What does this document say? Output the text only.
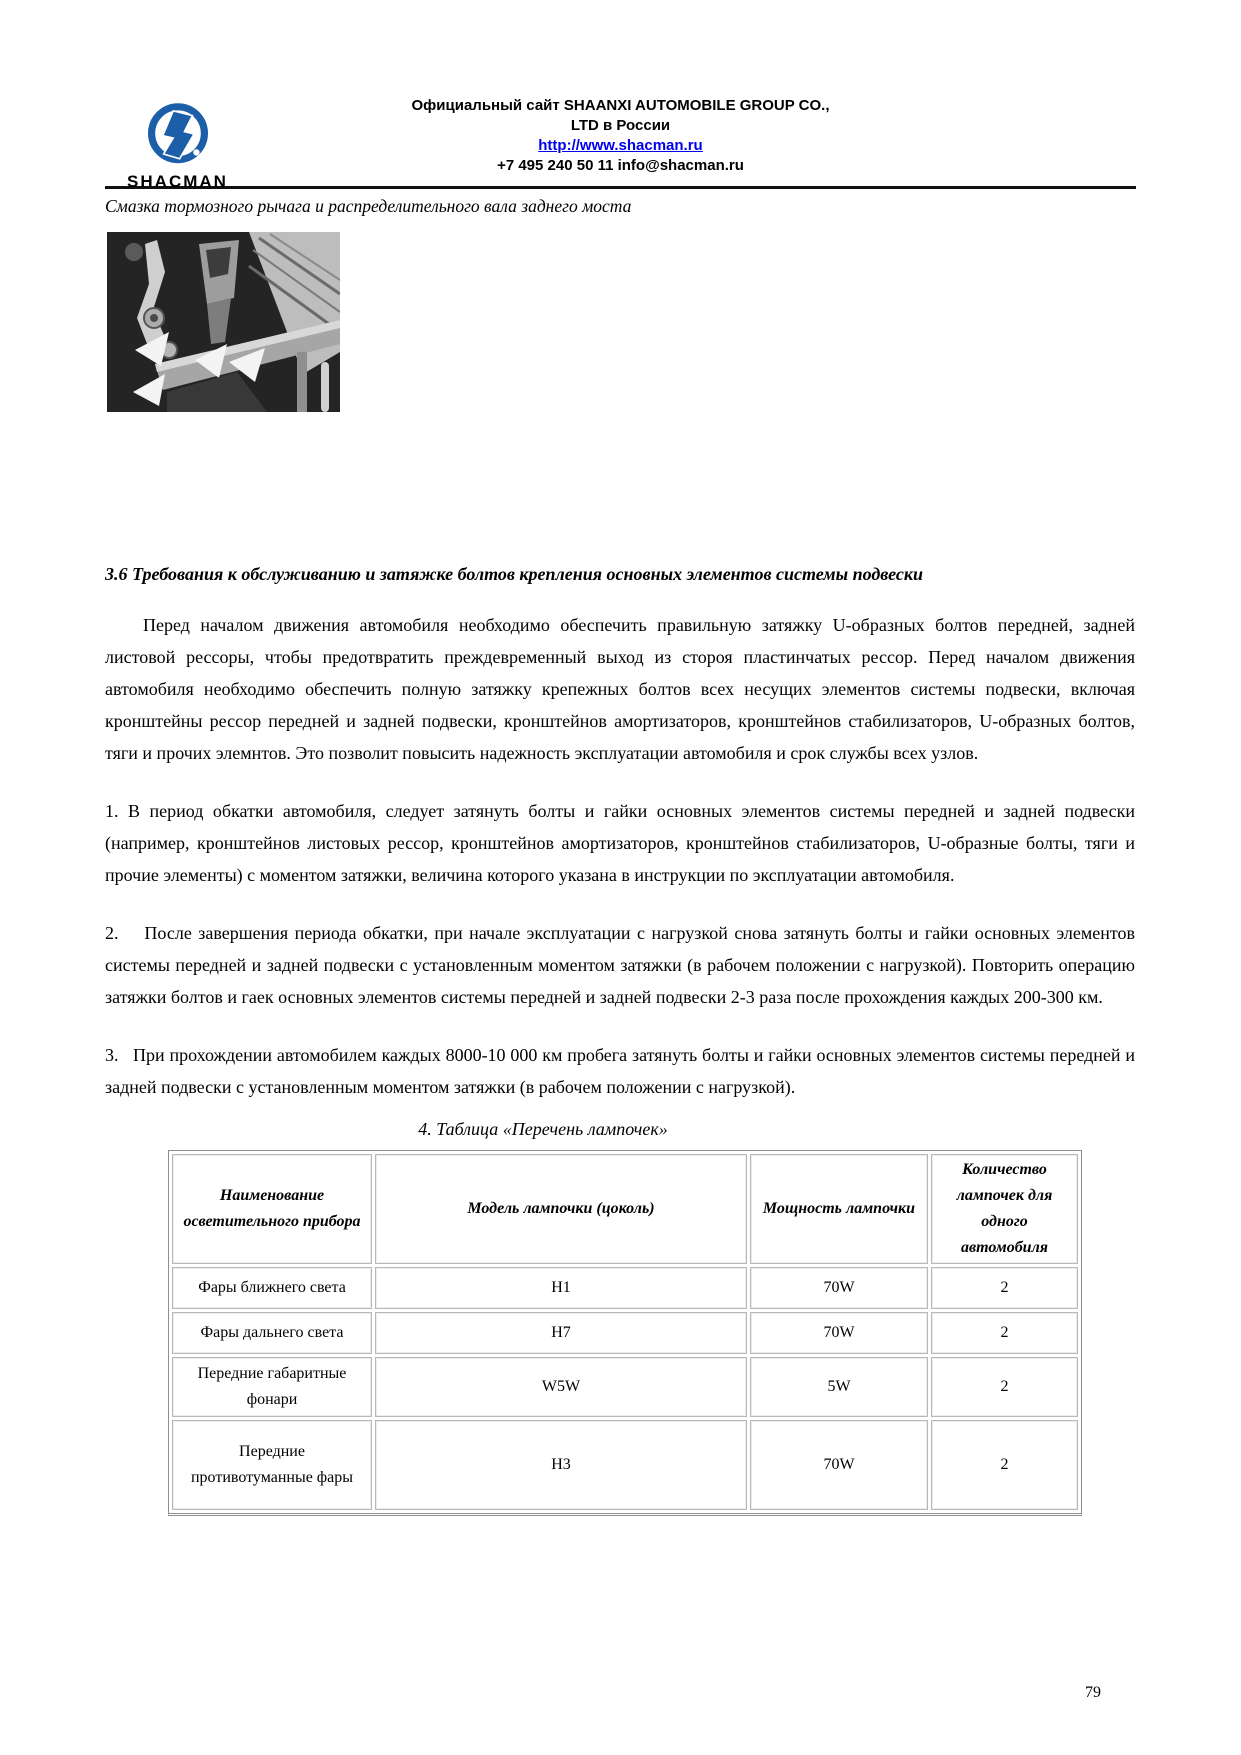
SHACMAN
Официальный сайт SHAANXI AUTOMOBILE GROUP CO.,
LTD в России
http://www.shacman.ru
+7 495 240 50 11 info@shacman.ru
Смазка тормозного рычага и распределительного вала заднего моста
3.6 Требования к обслуживанию и затяжке болтов крепления основных элементов системы подвески

Перед началом движения автомобиля необходимо обеспечить правильную затяжку U-образных болтов передней, задней листовой рессоры, чтобы предотвратить преждевременный выход из стороя пластинчатых рессор. Перед началом движения автомобиля необходимо обеспечить полную затяжку крепежных болтов всех несущих элементов системы подвески, включая кронштейны рессор передней и задней подвески, кронштейнов амортизаторов, кронштейнов стабилизаторов, U-образных болтов, тяги и прочих элемнтов. Это позволит повысить надежность эксплуатации автомобиля и срок службы всех узлов.

1. В период обкатки автомобиля, следует затянуть болты и гайки основных элементов системы передней и задней подвески (например, кронштейнов листовых рессор, кронштейнов амортизаторов, кронштейнов стабилизаторов, U-образные болты, тяги и прочие элементы) с моментом затяжки, величина которого указана в инструкции по эксплуатации автомобиля.

2.    После завершения периода обкатки, при начале эксплуатации с нагрузкой снова затянуть болты и гайки основных элементов системы передней и задней подвески с установленным моментом затяжки (в рабочем положении с нагрузкой). Повторить операцию затяжки болтов и гаек основных элементов системы передней и задней подвески 2-3 раза после прохождения каждых 200-300 км.

3.   При прохождении автомобилем каждых 8000-10 000 км пробега затянуть болты и гайки основных элементов системы передней и задней подвески с установленным моментом затяжки (в рабочем положении с нагрузкой).

4. Таблица «Перечень лампочек»
Наименование осветительного прибора	Модель лампочки (цоколь)	Мощность лампочки	Количество лампочек для одного автомобиля
Фары ближнего света	H1	70W	2
Фары дальнего света	H7	70W	2
Передние габаритные фонари	W5W	5W	2
Передние противотуманные фары	H3	70W	2
79
